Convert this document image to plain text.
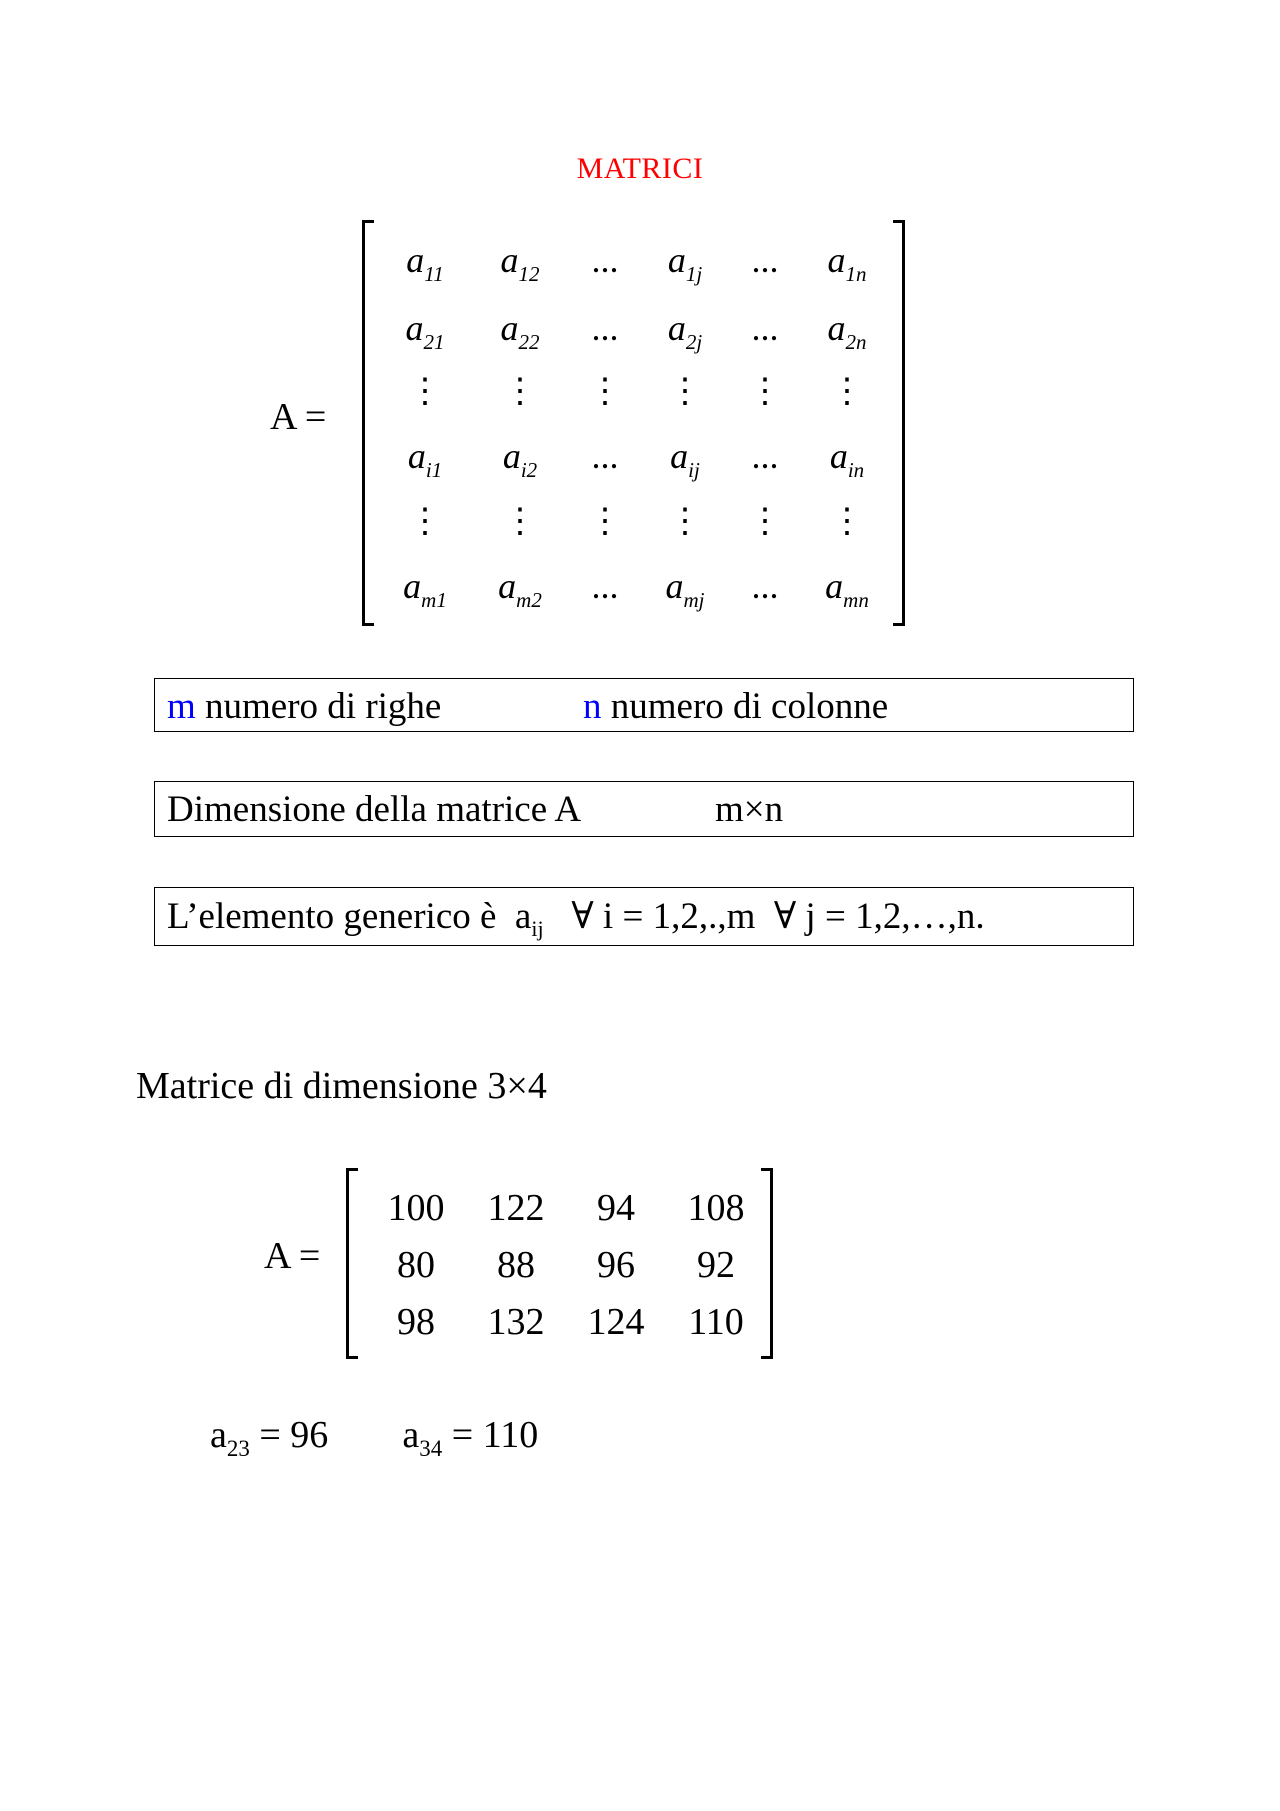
MATRICI
A =
$a_{11}$	$a_{12}$	...	$a_{1j}$	...	$a_{1n}$
$a_{21}$	$a_{22}$	...	$a_{2j}$	...	$a_{2n}$
⋮	⋮	⋮	⋮	⋮	⋮
$a_{i1}$	$a_{i2}$	...	$a_{ij}$	...	$a_{in}$
⋮	⋮	⋮	⋮	⋮	⋮
$a_{m1}$	$a_{m2}$	...	$a_{mj}$	...	$a_{mn}$
m numero di righe	n numero di colonne
Dimensione della matrice A	m×n
L’elemento generico è  $a_{ij}$   ∀ i = 1,2,.,m  ∀ j = 1,2,…,n.
Matrice di dimensione 3×4
A =
100	122	94	108
80	88	96	92
98	132	124	110
$a_{23} = 96$ $a_{34} = 110$
